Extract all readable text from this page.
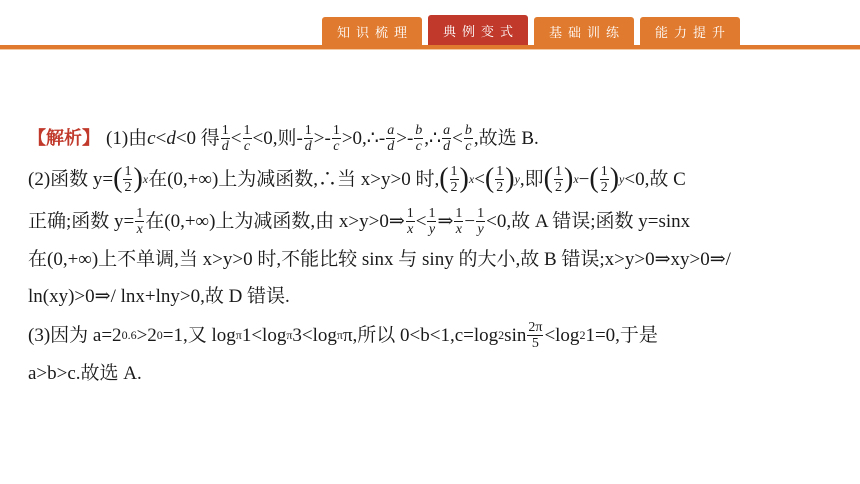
知识梳理	典例变式	基础训练	能力提升
【解析】 (1)由 c < d <0 得 $\frac{1}{d} < \frac{1}{c} <0$,则- $\frac{1}{d} >- \frac{1}{c}$ >0,∴- $\frac{a}{d} >- \frac{b}{c}$ ,∴ $\frac{a}{d} < \frac{b}{c}$ ,故选 B.
(2)函数 y= ( $\frac{1}{2}$ ) x 在(0,+∞)上为减函数,∴当 x>y>0 时, ( $\frac{1}{2}$ ) x < ( $\frac{1}{2}$ ) y ,即 ( $\frac{1}{2}$ ) x − ( $\frac{1}{2}$ ) y <0,故 C
正确;函数 $y= \frac{1}{x}$ 在(0,+∞)上为减函数,由 x>y>0⇒ $\frac{1}{x} < \frac{1}{y}$ ⇒ $\frac{1}{x} - \frac{1}{y} <0$,故 A 错误;函数 y=sinx
在(0,+∞)上不单调,当 x>y>0 时,不能比较 sinx 与 siny 的大小,故 B 错误;x>y>0⇒xy>0⇒/
ln(xy)>0⇒/ lnx+lny>0,故 D 错误.
(3)因为 a=2 0.6 >2 0 =1,又 log π 1<log π 3<log π π,所以 0<b<1,c=log 2 $\sin \frac{2\pi}{5} <\log$ 2 1=0,于是
a>b>c.故选 A.
